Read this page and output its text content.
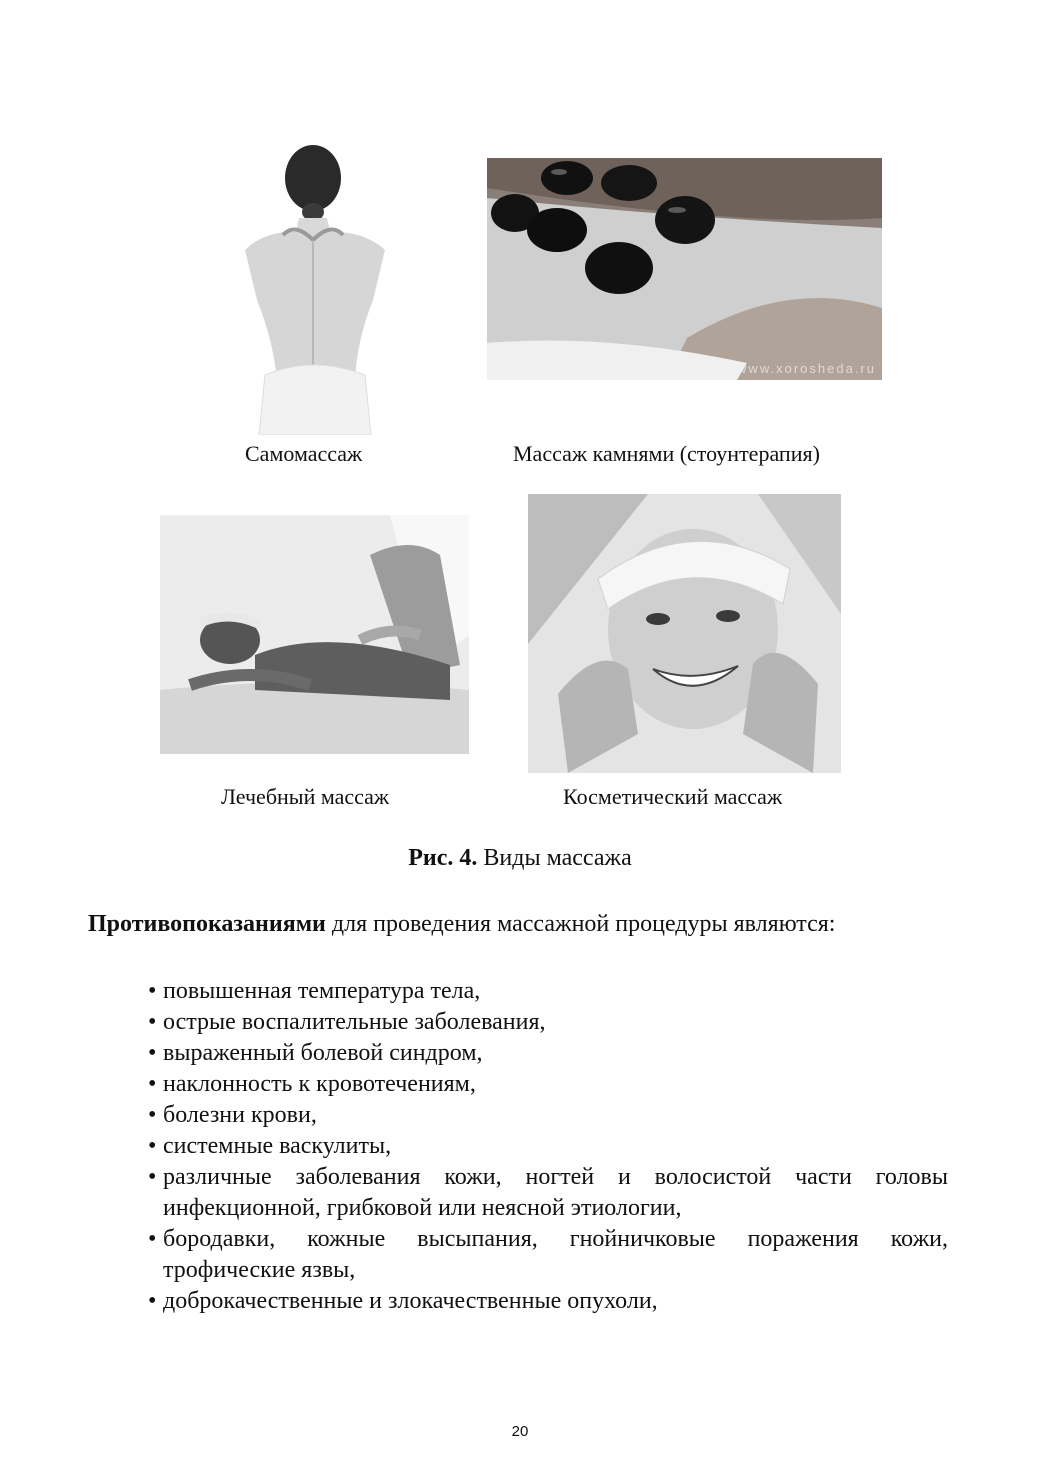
www.xorosheda.ru
Самомассаж	Массаж камнями (стоунтерапия)
Лечебный массаж	Косметический массаж
Рис. 4. Виды массажа
Противопоказаниями для проведения массажной процедуры являются:
• повышенная температура тела,
• острые воспалительные заболевания,
• выраженный болевой синдром,
• наклонность к кровотечениям,
• болезни крови,
• системные васкулиты,
• различные заболевания кожи, ногтей и волосистой части головы инфекционной, грибковой или неясной этиологии,
• бородавки, кожные высыпания, гнойничковые поражения кожи, трофические язвы,
• доброкачественные и злокачественные опухоли,
20
